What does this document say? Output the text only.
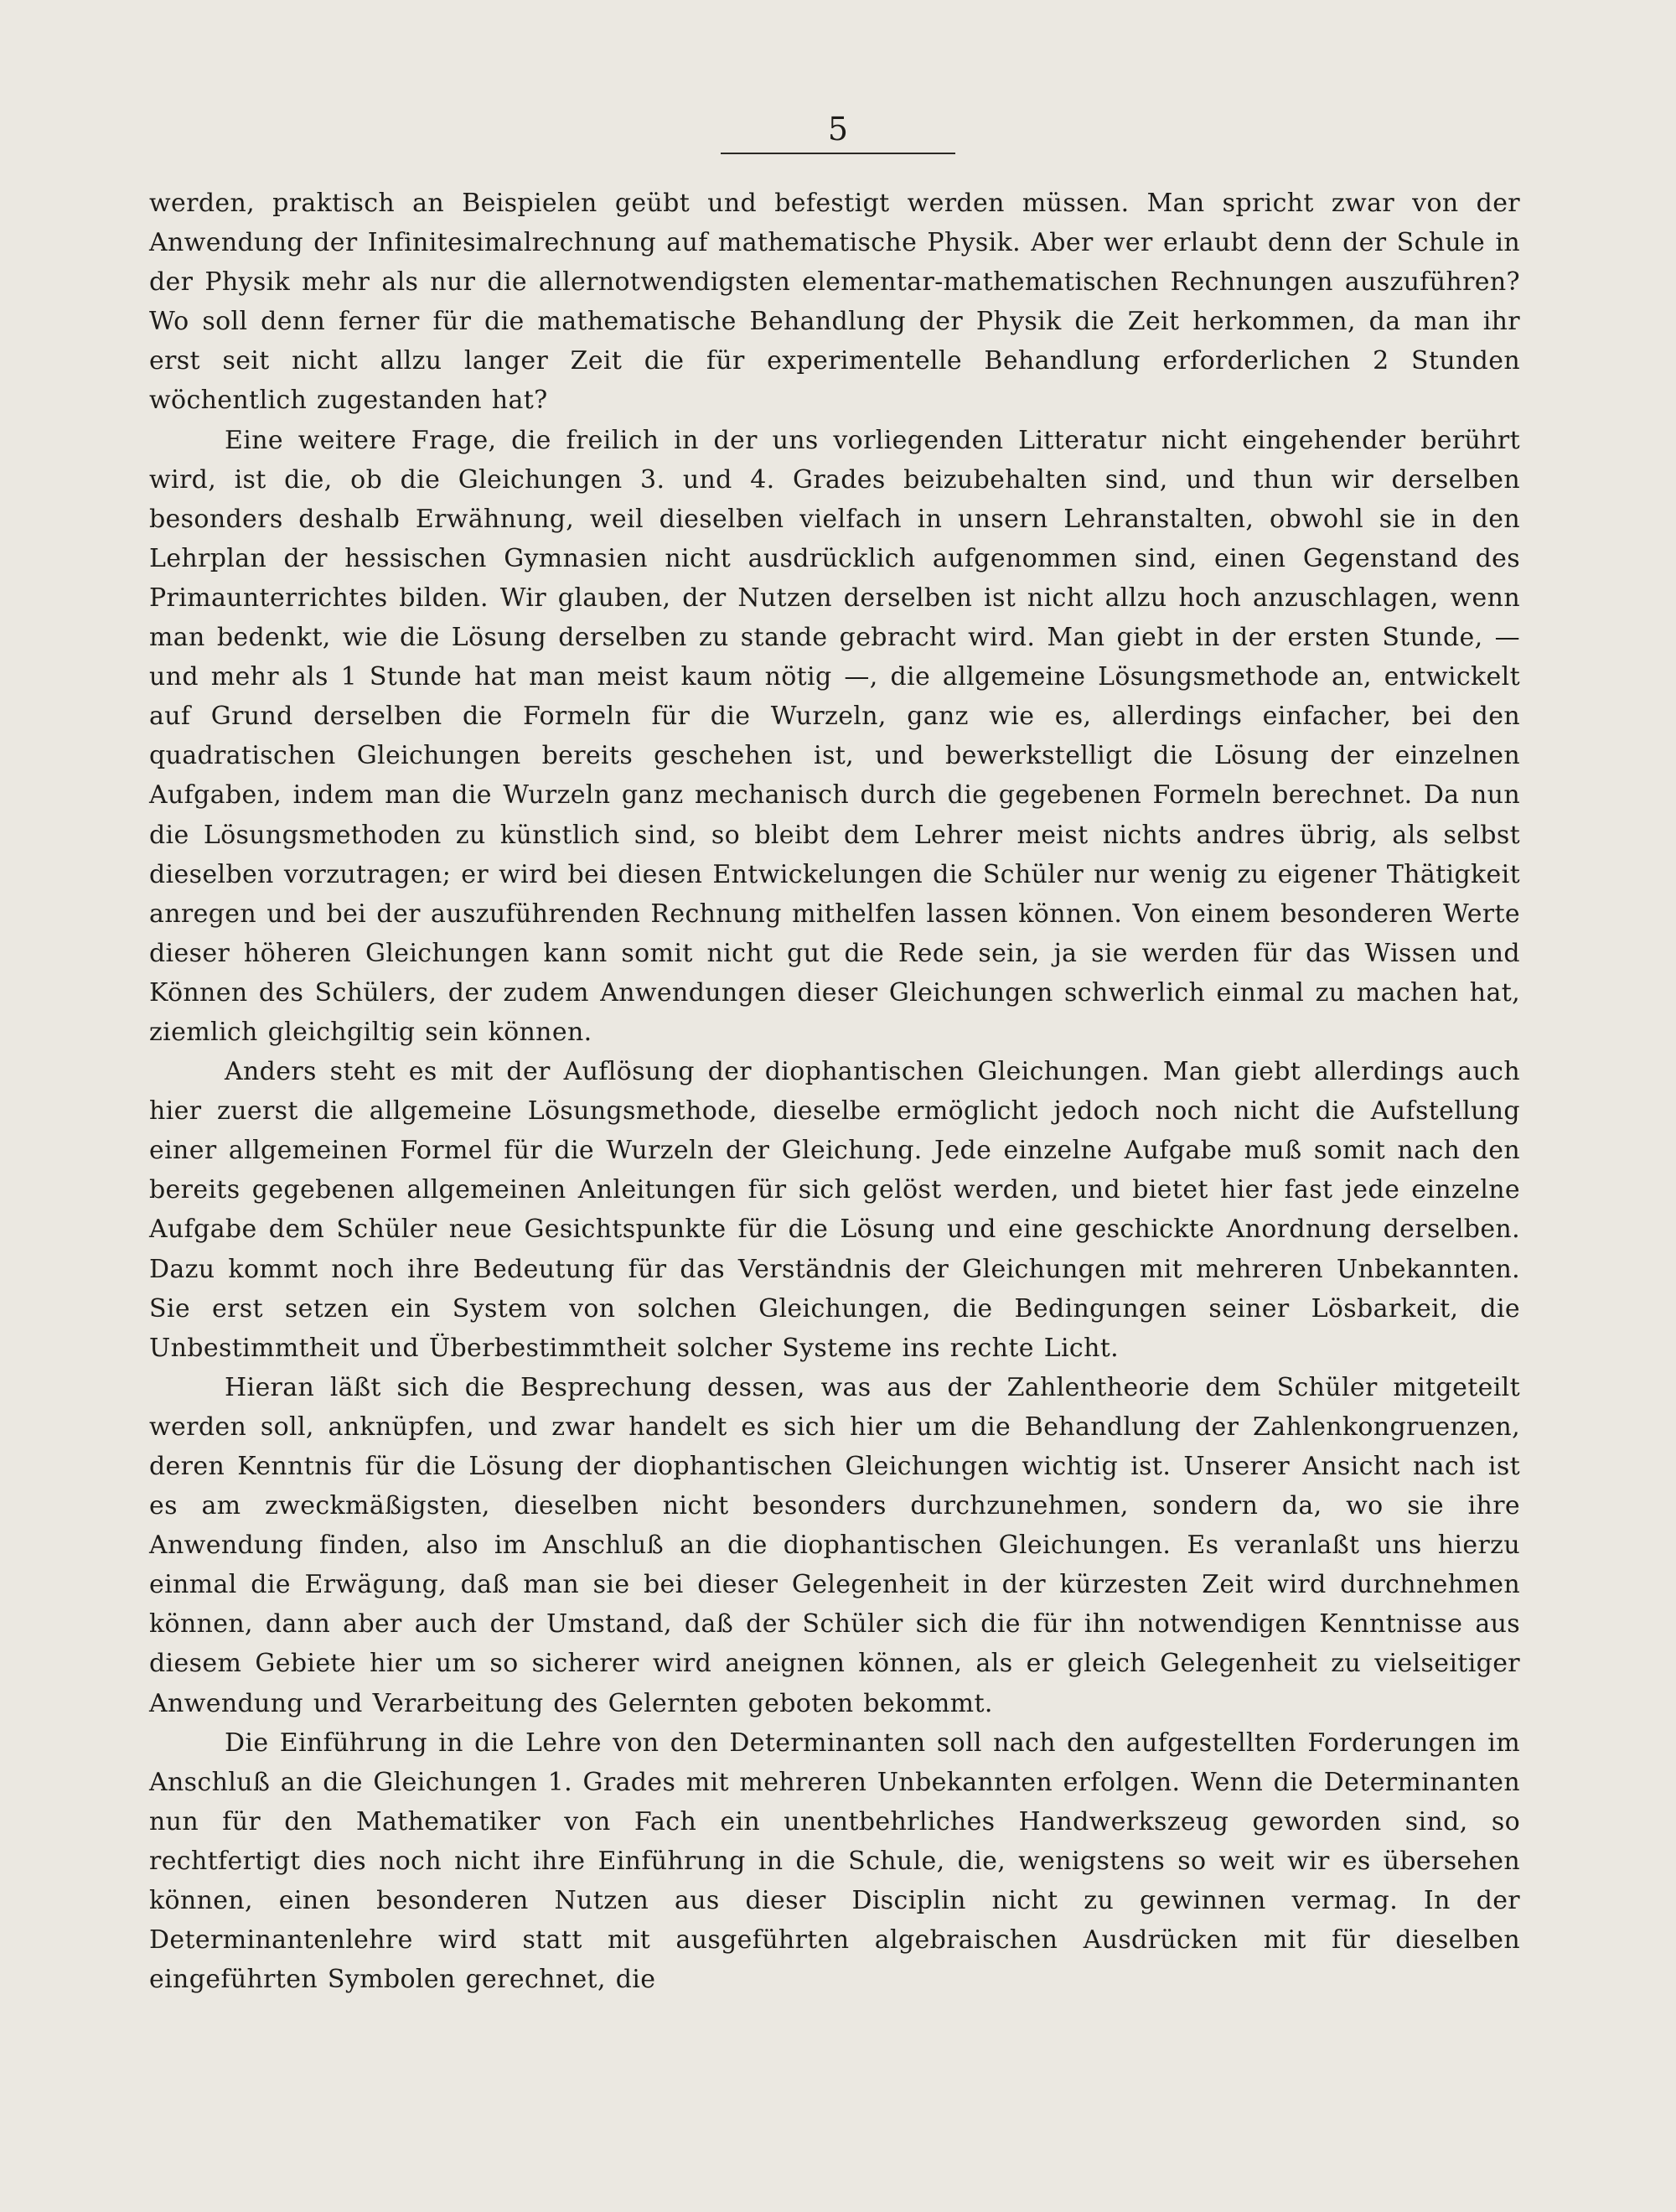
5

werden, praktisch an Beispielen geübt und befestigt werden müssen. Man spricht zwar von der Anwendung der Infinitesimalrechnung auf mathematische Physik. Aber wer erlaubt denn der Schule in der Physik mehr als nur die allernotwendigsten elementar-mathematischen Rechnungen auszuführen? Wo soll denn ferner für die mathematische Behandlung der Physik die Zeit herkommen, da man ihr erst seit nicht allzu langer Zeit die für experimentelle Behandlung erforderlichen 2 Stunden wöchentlich zugestanden hat?

Eine weitere Frage, die freilich in der uns vorliegenden Litteratur nicht eingehender berührt wird, ist die, ob die Gleichungen 3. und 4. Grades beizubehalten sind, und thun wir derselben besonders deshalb Erwähnung, weil dieselben vielfach in unsern Lehranstalten, obwohl sie in den Lehrplan der hessischen Gymnasien nicht ausdrücklich aufgenommen sind, einen Gegenstand des Primaunterrichtes bilden. Wir glauben, der Nutzen derselben ist nicht allzu hoch anzuschlagen, wenn man bedenkt, wie die Lösung derselben zu stande gebracht wird. Man giebt in der ersten Stunde, — und mehr als 1 Stunde hat man meist kaum nötig —, die allgemeine Lösungsmethode an, entwickelt auf Grund derselben die Formeln für die Wurzeln, ganz wie es, allerdings einfacher, bei den quadratischen Gleichungen bereits geschehen ist, und bewerkstelligt die Lösung der einzelnen Aufgaben, indem man die Wurzeln ganz mechanisch durch die gegebenen Formeln berechnet. Da nun die Lösungsmethoden zu künstlich sind, so bleibt dem Lehrer meist nichts andres übrig, als selbst dieselben vorzutragen; er wird bei diesen Entwickelungen die Schüler nur wenig zu eigener Thätigkeit anregen und bei der auszuführenden Rechnung mithelfen lassen können. Von einem besonderen Werte dieser höheren Gleichungen kann somit nicht gut die Rede sein, ja sie werden für das Wissen und Können des Schülers, der zudem Anwendungen dieser Gleichungen schwerlich einmal zu machen hat, ziemlich gleichgiltig sein können.

Anders steht es mit der Auflösung der diophantischen Gleichungen. Man giebt allerdings auch hier zuerst die allgemeine Lösungsmethode, dieselbe ermöglicht jedoch noch nicht die Aufstellung einer allgemeinen Formel für die Wurzeln der Gleichung. Jede einzelne Aufgabe muß somit nach den bereits gegebenen allgemeinen Anleitungen für sich gelöst werden, und bietet hier fast jede einzelne Aufgabe dem Schüler neue Gesichtspunkte für die Lösung und eine geschickte Anordnung derselben. Dazu kommt noch ihre Bedeutung für das Verständnis der Gleichungen mit mehreren Unbekannten. Sie erst setzen ein System von solchen Gleichungen, die Bedingungen seiner Lösbarkeit, die Unbestimmtheit und Überbestimmtheit solcher Systeme ins rechte Licht.

Hieran läßt sich die Besprechung dessen, was aus der Zahlentheorie dem Schüler mitgeteilt werden soll, anknüpfen, und zwar handelt es sich hier um die Behandlung der Zahlenkongruenzen, deren Kenntnis für die Lösung der diophantischen Gleichungen wichtig ist. Unserer Ansicht nach ist es am zweckmäßigsten, dieselben nicht besonders durchzunehmen, sondern da, wo sie ihre Anwendung finden, also im Anschluß an die diophantischen Gleichungen. Es veranlaßt uns hierzu einmal die Erwägung, daß man sie bei dieser Gelegenheit in der kürzesten Zeit wird durchnehmen können, dann aber auch der Umstand, daß der Schüler sich die für ihn notwendigen Kenntnisse aus diesem Gebiete hier um so sicherer wird aneignen können, als er gleich Gelegenheit zu vielseitiger Anwendung und Verarbeitung des Gelernten geboten bekommt.

Die Einführung in die Lehre von den Determinanten soll nach den aufgestellten Forderungen im Anschluß an die Gleichungen 1. Grades mit mehreren Unbekannten erfolgen. Wenn die Determinanten nun für den Mathematiker von Fach ein unentbehrliches Handwerkszeug geworden sind, so rechtfertigt dies noch nicht ihre Einführung in die Schule, die, wenigstens so weit wir es übersehen können, einen besonderen Nutzen aus dieser Disciplin nicht zu gewinnen vermag. In der Determinantenlehre wird statt mit ausgeführten algebraischen Ausdrücken mit für dieselben eingeführten Symbolen gerechnet, die
